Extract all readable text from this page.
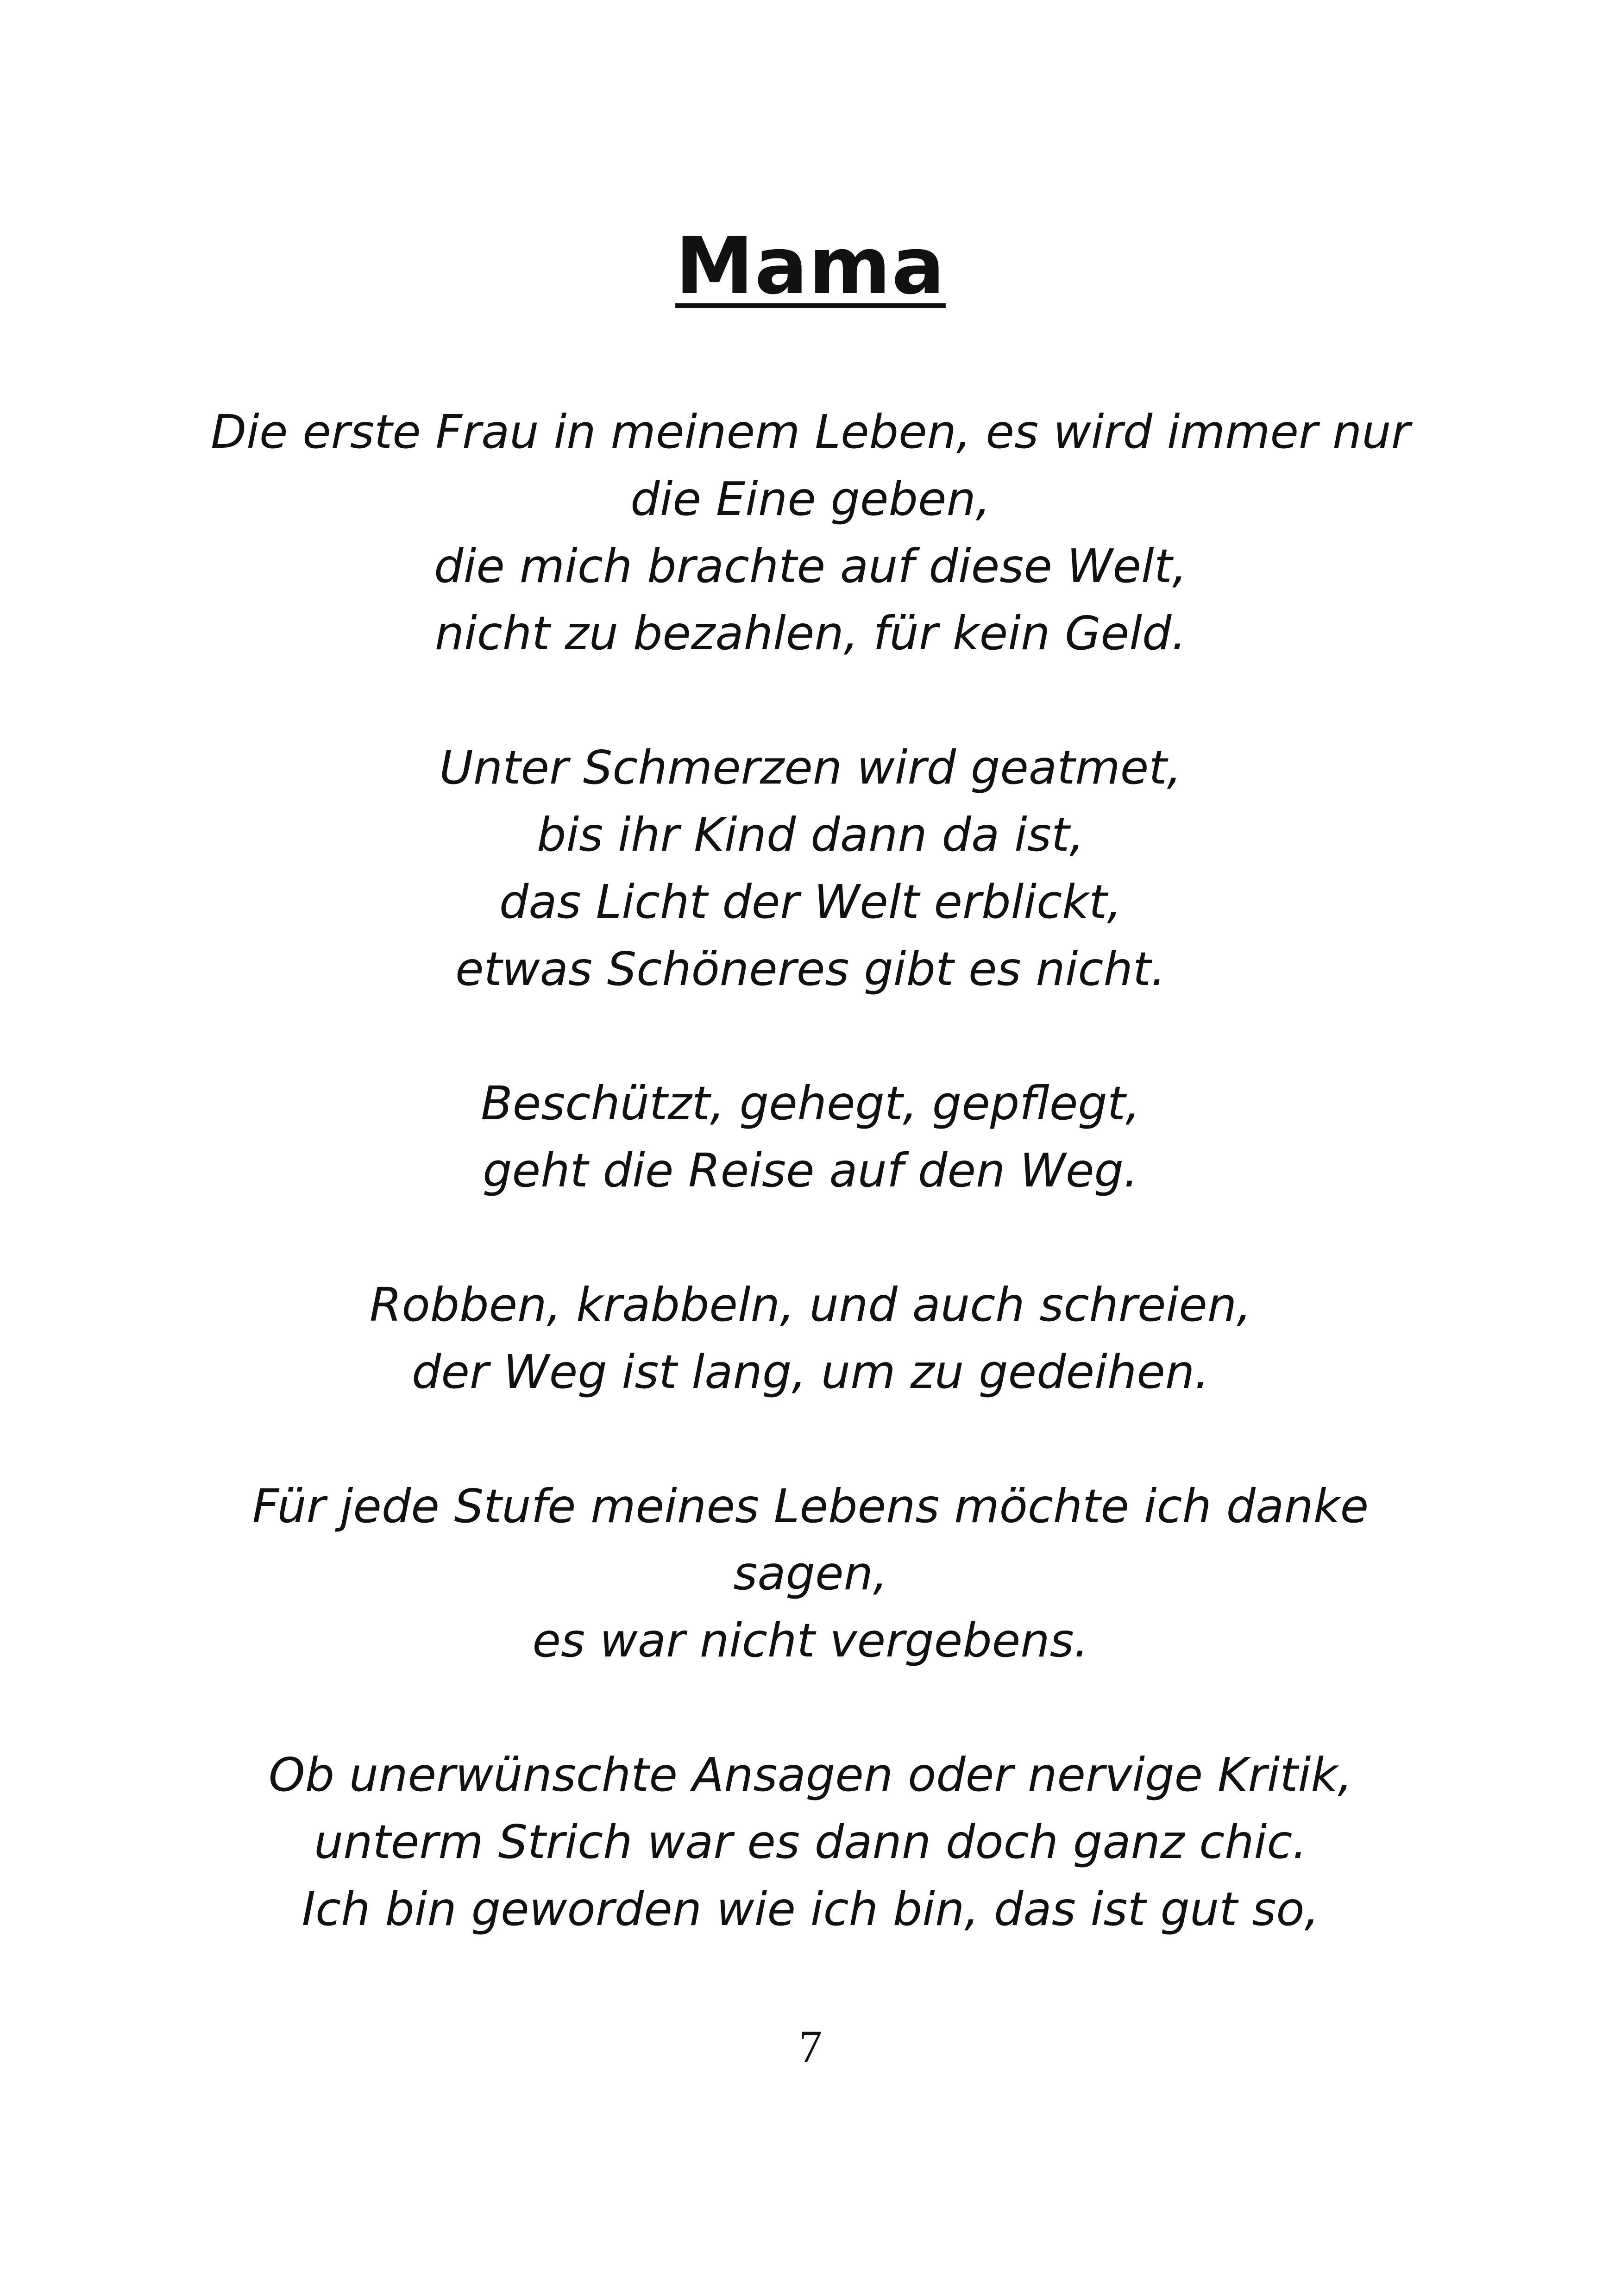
Mama
Die erste Frau in meinem Leben, es wird immer nur
die Eine geben,
die mich brachte auf diese Welt,
nicht zu bezahlen, für kein Geld.
Unter Schmerzen wird geatmet,
bis ihr Kind dann da ist,
das Licht der Welt erblickt,
etwas Schöneres gibt es nicht.
Beschützt, gehegt, gepflegt,
geht die Reise auf den Weg.
Robben, krabbeln, und auch schreien,
der Weg ist lang, um zu gedeihen.
Für jede Stufe meines Lebens möchte ich danke
sagen,
es war nicht vergebens.
Ob unerwünschte Ansagen oder nervige Kritik,
unterm Strich war es dann doch ganz chic.
Ich bin geworden wie ich bin, das ist gut so,
7
